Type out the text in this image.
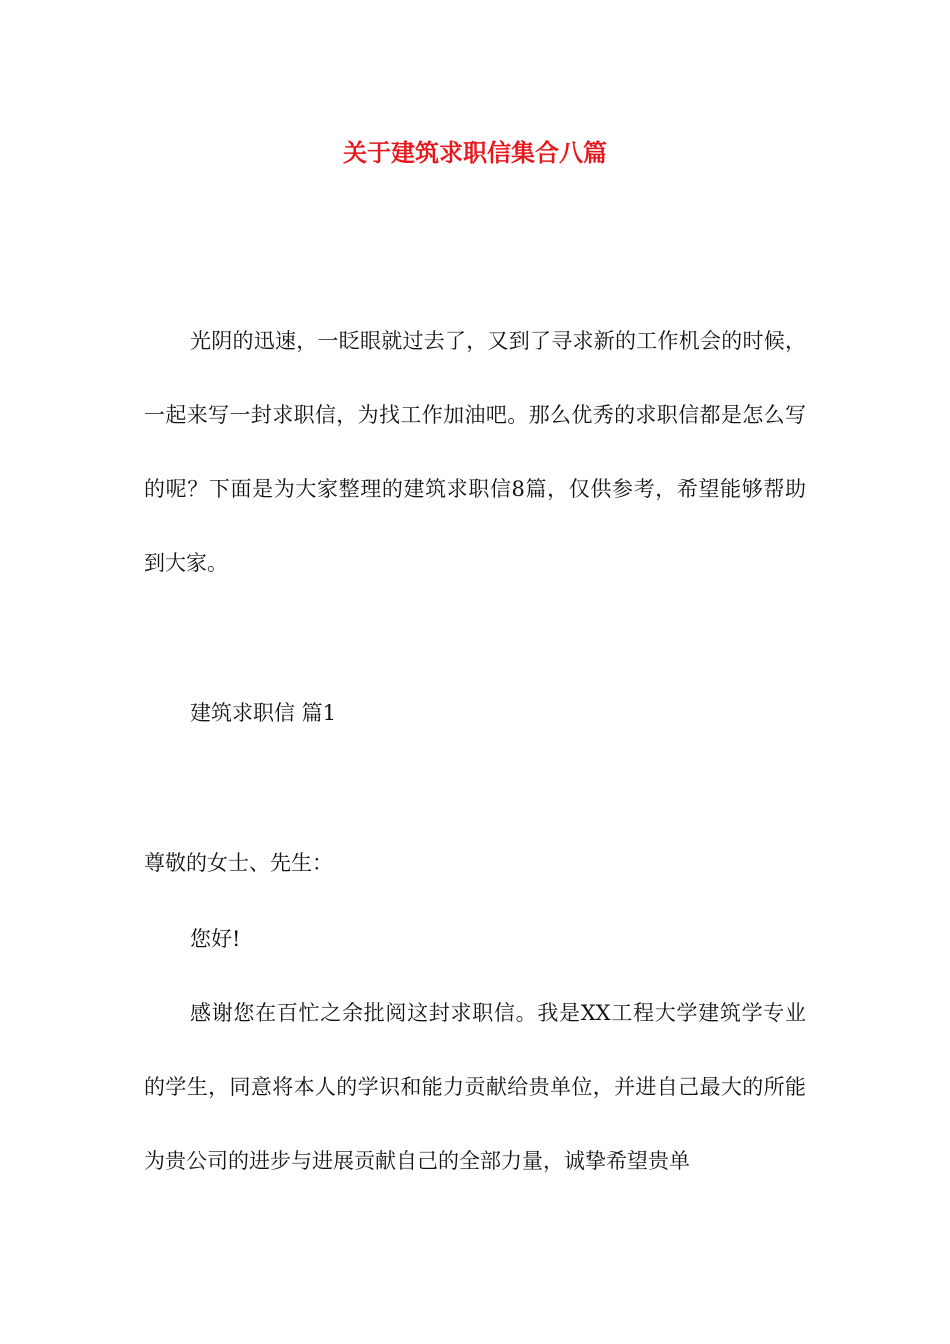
关于建筑求职信集合八篇
光阴的迅速，一眨眼就过去了，又到了寻求新的工作机会的时候，一起来写一封求职信，为找工作加油吧。那么优秀的求职信都是怎么写的呢？下面是为大家整理的建筑求职信8篇，仅供参考，希望能够帮助到大家。
建筑求职信 篇1
尊敬的女士、先生：
您好!
感谢您在百忙之余批阅这封求职信。我是XX工程大学建筑学专业的学生，同意将本人的学识和能力贡献给贵单位，并进自己最大的所能为贵公司的进步与进展贡献自己的全部力量，诚挚希望贵单
